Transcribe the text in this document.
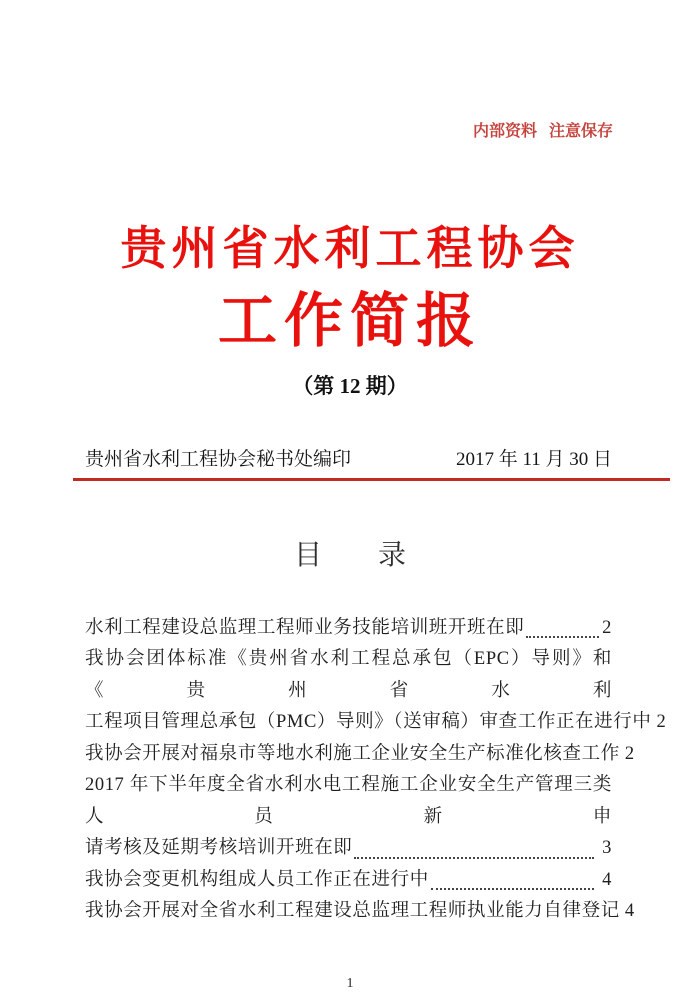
内部资料 注意保存
贵州省水利工程协会
工作简报
（第 12 期）
贵州省水利工程协会秘书处编印	2017 年 11 月 30 日
目　　录
水利工程建设总监理工程师业务技能培训班开班在即	2
我协会团体标准《贵州省水利工程总承包（EPC）导则》和《贵州省水利
工程项目管理总承包（PMC）导则》（送审稿）审查工作正在进行中 2
我协会开展对福泉市等地水利施工企业安全生产标准化核查工作 2
2017 年下半年度全省水利水电工程施工企业安全生产管理三类人员新申
请考核及延期考核培训开班在即	3
我协会变更机构组成人员工作正在进行中	4
我协会开展对全省水利工程建设总监理工程师执业能力自律登记 4
1
